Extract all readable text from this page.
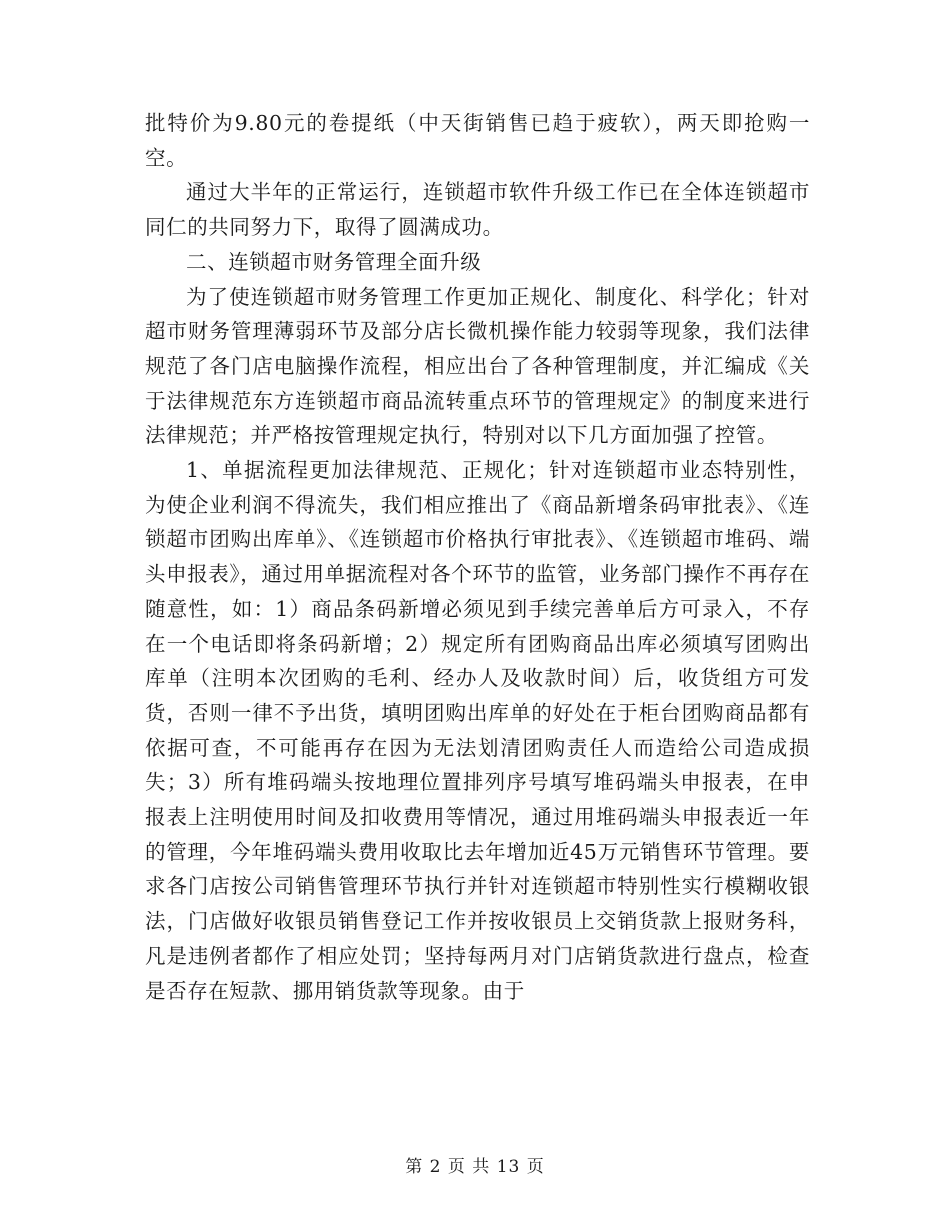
批特价为9.80元的卷提纸（中天街销售已趋于疲软），两天即抢购一空。

通过大半年的正常运行，连锁超市软件升级工作已在全体连锁超市同仁的共同努力下，取得了圆满成功。

二、连锁超市财务管理全面升级

为了使连锁超市财务管理工作更加正规化、制度化、科学化；针对超市财务管理薄弱环节及部分店长微机操作能力较弱等现象，我们法律规范了各门店电脑操作流程，相应出台了各种管理制度，并汇编成《关于法律规范东方连锁超市商品流转重点环节的管理规定》的制度来进行法律规范；并严格按管理规定执行，特别对以下几方面加强了控管。

1、单据流程更加法律规范、正规化；针对连锁超市业态特别性，为使企业利润不得流失，我们相应推出了《商品新增条码审批表》、《连锁超市团购出库单》、《连锁超市价格执行审批表》、《连锁超市堆码、端头申报表》，通过用单据流程对各个环节的监管，业务部门操作不再存在随意性，如：1）商品条码新增必须见到手续完善单后方可录入，不存在一个电话即将条码新增；2）规定所有团购商品出库必须填写团购出库单（注明本次团购的毛利、经办人及收款时间）后，收货组方可发货，否则一律不予出货，填明团购出库单的好处在于柜台团购商品都有依据可查，不可能再存在因为无法划清团购责任人而造给公司造成损失；3）所有堆码端头按地理位置排列序号填写堆码端头申报表，在申报表上注明使用时间及扣收费用等情况，通过用堆码端头申报表近一年的管理，今年堆码端头费用收取比去年增加近45万元销售环节管理。要求各门店按公司销售管理环节执行并针对连锁超市特别性实行模糊收银法，门店做好收银员销售登记工作并按收银员上交销货款上报财务科，凡是违例者都作了相应处罚；坚持每两月对门店销货款进行盘点，检查是否存在短款、挪用销货款等现象。由于

第 2 页 共 13 页
